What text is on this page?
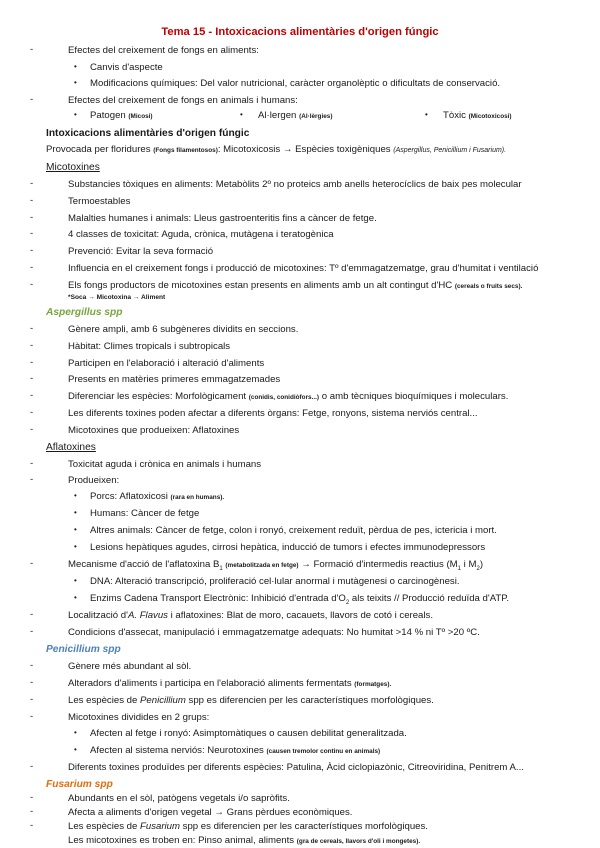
Tema 15 - Intoxicacions alimentàries d'origen fúngic
-	Efectes del creixement de fongs en aliments:
• Canvis d'aspecte
• Modificacions químiques: Del valor nutricional, caràcter organolèptic o dificultats de conservació.
-	Efectes del creixement de fongs en animals i humans:
• Patogen (Micosi)	• Al·lergen (Al·lèrgies)	• Tòxic (Micotoxicosi)
Intoxicacions alimentàries d'origen fúngic
Provocada per floridures (Fongs filamentosos): Micotoxicosis → Espècies toxigèniques (Aspergillus, Penicillium i Fusarium).
Micotoxines
-	Substancies tòxiques en aliments: Metabòlits 2º no proteics amb anells heterocíclics de baix pes molecular
-	Termoestables
-	Malalties humanes i animals: Lleus gastroenteritis fins a càncer de fetge.
-	4 classes de toxicitat: Aguda, crònica, mutàgena i teratogènica
-	Prevenció: Evitar la seva formació
-	Influencia en el creixement fongs i producció de micotoxines: Tº d'emmagatzematge, grau d'humitat i ventilació
-	Els fongs productors de micotoxines estan presents en aliments amb un alt contingut d'HC (cereals o fruits secs).
*Soca → Micotoxina → Aliment
Aspergillus spp
-	Gènere ampli, amb 6 subgèneres dividits en seccions.
-	Hàbitat: Climes tropicals i subtropicals
-	Participen en l'elaboració i alteració d'aliments
-	Presents en matèries primeres emmagatzemades
-	Diferenciar les espècies: Morfològicament (conidis, conidiòfors...) o amb tècniques bioquímiques i moleculars.
-	Les diferents toxines poden afectar a diferents òrgans: Fetge, ronyons, sistema nerviós central...
-	Micotoxines que produeixen: Aflatoxines
Aflatoxines
-	Toxicitat aguda i crònica en animals i humans
-	Produeixen:
• Porcs: Aflatoxicosi (rara en humans).
• Humans: Càncer de fetge
• Altres animals: Càncer de fetge, colon i ronyó, creixement reduït, pèrdua de pes, ictericia i mort.
• Lesions hepàtiques agudes, cirrosi hepàtica, inducció de tumors i efectes immunodepressors
-	Mecanisme d'acció de l'aflatoxina $B_1$ (metabolitzada en fetge) → Formació d'intermedis reactius ($M_1$ i $M_2$)
• DNA: Alteració transcripció, proliferació cel·lular anormal i mutàgenesi o carcinogènesi.
• Enzims Cadena Transport Electrònic: Inhibició d'entrada $d'O_2$ als teixits // Producció reduïda d'ATP.
-	Localització d'A. Flavus i aflatoxines: Blat de moro, cacauets, llavors de cotó i cereals.
-	Condicions d'assecat, manipulació i emmagatzematge adequats: No humitat >14 % ni Tº >20 ºC.
Penicillium spp
-	Gènere més abundant al sòl.
-	Alteradors d'aliments i participa en l'elaboració aliments fermentats (formatges).
-	Les espècies de Penicillium spp es diferencien per les característiques morfològiques.
-	Micotoxines dividides en 2 grups:
• Afecten al fetge i ronyó: Asimptomàtiques o causen debilitat generalitzada.
• Afecten al sistema nerviós: Neurotoxines (causen tremolor continu en animals)
-	Diferents toxines produïdes per diferents espècies: Patulina, Àcid ciclopiazònic, Citreoviridina, Penitrem A...
Fusarium spp
-	Abundants en el sòl, patògens vegetals i/o sapròfits.
-	Afecta a aliments d'origen vegetal → Grans pèrdues econòmiques.
-	Les espècies de Fusarium spp es diferencien per les característiques morfològiques.
Les micotoxines es troben en: Pinso animal, aliments (gra de cereals, llavors d'oli i mongetes).
